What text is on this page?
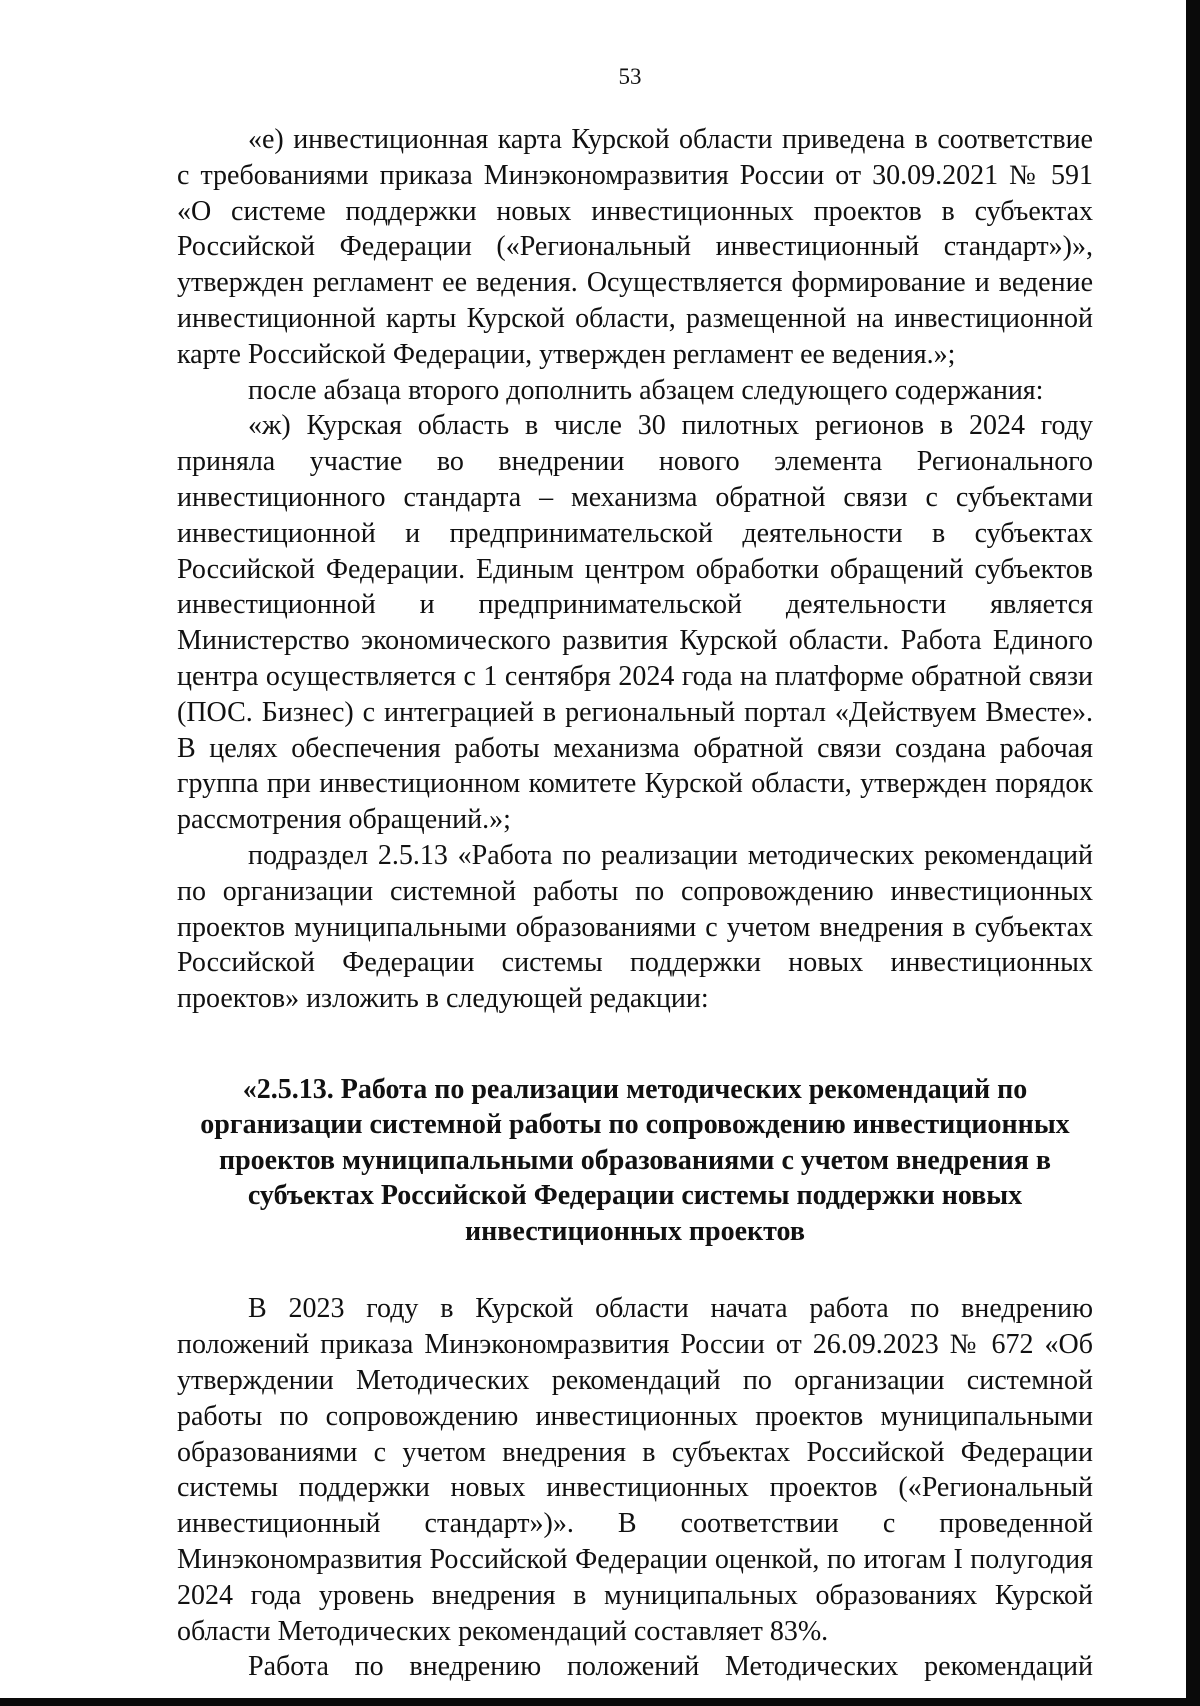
53

«е) инвестиционная карта Курской области приведена в соответствие с требованиями приказа Минэкономразвития России от 30.09.2021 № 591 «О системе поддержки новых инвестиционных проектов в субъектах Российской Федерации («Региональный инвестиционный стандарт»)», утвержден регламент ее ведения. Осуществляется формирование и ведение инвестиционной карты Курской области, размещенной на инвестиционной карте Российской Федерации, утвержден регламент ее ведения.»;

после абзаца второго дополнить абзацем следующего содержания:

«ж) Курская область в числе 30 пилотных регионов в 2024 году приняла участие во внедрении нового элемента Регионального инвестиционного стандарта – механизма обратной связи с субъектами инвестиционной и предпринимательской деятельности в субъектах Российской Федерации. Единым центром обработки обращений субъектов инвестиционной и предпринимательской деятельности является Министерство экономического развития Курской области. Работа Единого центра осуществляется с 1 сентября 2024 года на платформе обратной связи (ПОС. Бизнес) с интеграцией в региональный портал «Действуем Вместе». В целях обеспечения работы механизма обратной связи создана рабочая группа при инвестиционном комитете Курской области, утвержден порядок рассмотрения обращений.»;

подраздел 2.5.13 «Работа по реализации методических рекомендаций по организации системной работы по сопровождению инвестиционных проектов муниципальными образованиями с учетом внедрения в субъектах Российской Федерации системы поддержки новых инвестиционных проектов» изложить в следующей редакции:

«2.5.13. Работа по реализации методических рекомендаций по организации системной работы по сопровождению инвестиционных проектов муниципальными образованиями с учетом внедрения в субъектах Российской Федерации системы поддержки новых инвестиционных проектов

В 2023 году в Курской области начата работа по внедрению положений приказа Минэкономразвития России от 26.09.2023 № 672 «Об утверждении Методических рекомендаций по организации системной работы по сопровождению инвестиционных проектов муниципальными образованиями с учетом внедрения в субъектах Российской Федерации системы поддержки новых инвестиционных проектов («Региональный инвестиционный стандарт»)». В соответствии с проведенной Минэкономразвития Российской Федерации оценкой, по итогам I полугодия 2024 года уровень внедрения в муниципальных образованиях Курской области Методических рекомендаций составляет 83%.

Работа по внедрению положений Методических рекомендаций
